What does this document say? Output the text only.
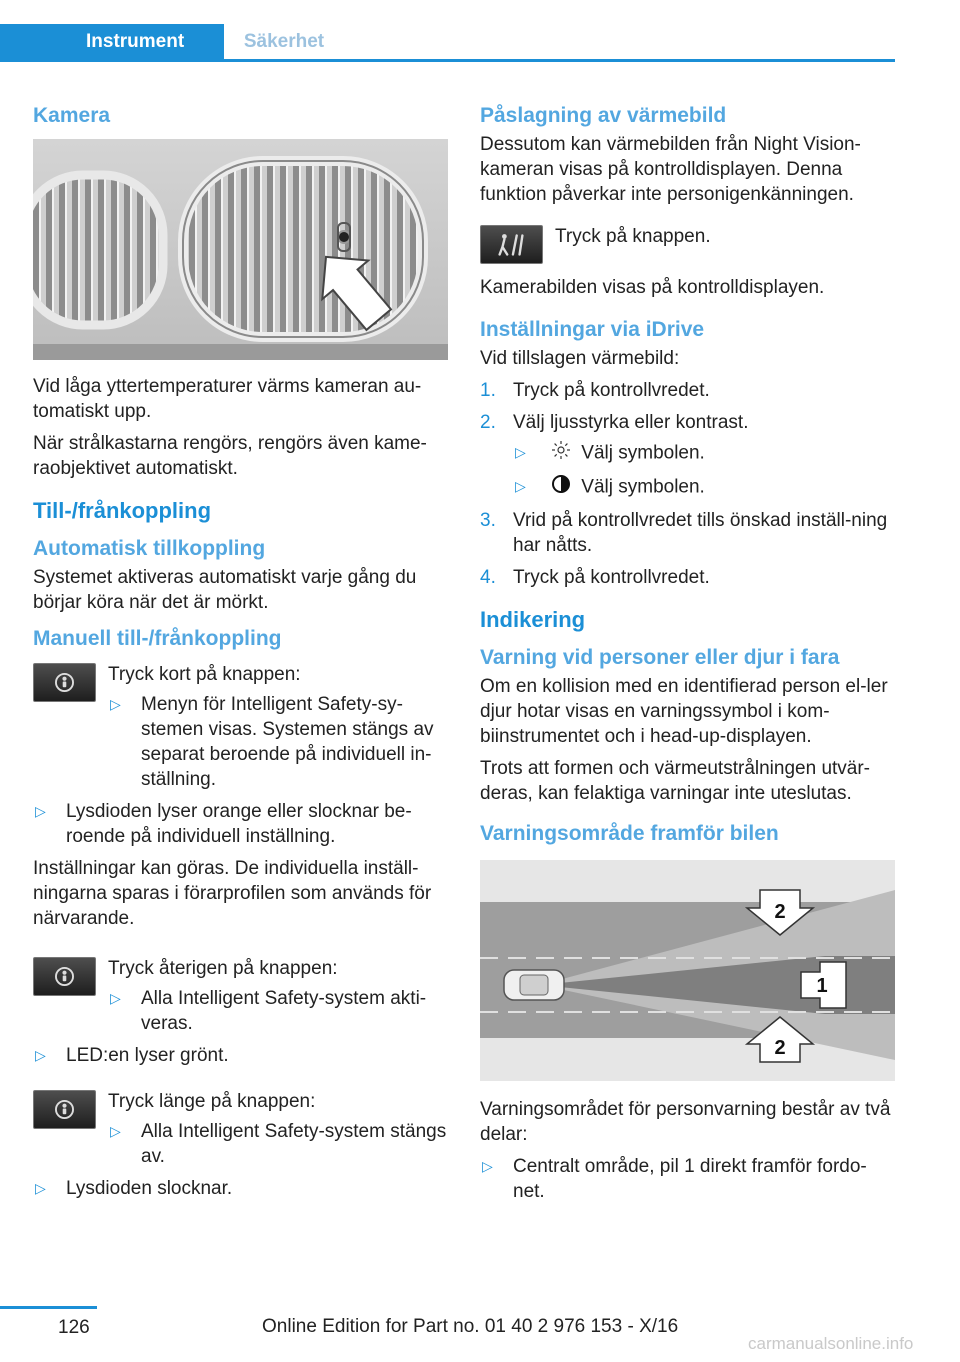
Instrument	Säkerhet
Kamera

Vid låga yttertemperaturer värms kameran au-tomatiskt upp.

När strålkastarna rengörs, rengörs även kame-raobjektivet automatiskt.

Till-/frånkoppling
Automatisk tillkoppling

Systemet aktiveras automatiskt varje gång du börjar köra när det är mörkt.

Manuell till-/frånkoppling
Tryck kort på knappen:
▷ Menyn för Intelligent Safety-sy-stemen visas. Systemen stängs av separat beroende på individuell in-ställning.
▷ Lysdioden lyser orange eller slocknar be-roende på individuell inställning.

Inställningar kan göras. De individuella inställ-ningarna sparas i förarprofilen som används för närvarande.

Tryck återigen på knappen:
▷ Alla Intelligent Safety-system akti-veras.
▷ LED:en lyser grönt.
Tryck länge på knappen:
▷ Alla Intelligent Safety-system stängs av.
▷ Lysdioden slocknar.
Påslagning av värmebild

Dessutom kan värmebilden från Night Vision-kameran visas på kontrolldisplayen. Denna funktion påverkar inte personigenkänningen.

Tryck på knappen.

Kamerabilden visas på kontrolldisplayen.

Inställningar via iDrive

Vid tillslagen värmebild:

1. Tryck på kontrollvredet.
2. Välj ljusstyrka eller kontrast.
▷ Välj symbolen.
▷ Välj symbolen.
3. Vrid på kontrollvredet tills önskad inställ-ning har nåtts.
4. Tryck på kontrollvredet.
Indikering
Varning vid personer eller djur i fara

Om en kollision med en identifierad person el-ler djur hotar visas en varningssymbol i kom-biinstrumentet och i head-up-displayen.

Trots att formen och värmeutstrålningen utvär-deras, kan felaktiga varningar inte uteslutas.

Varningsområde framför bilen
2
1
2

Varningsområdet för personvarning består av två delar:

▷ Centralt område, pil 1 direkt framför fordo-net.
126	Online Edition for Part no. 01 40 2 976 153 - X/16
carmanualsonline.info
